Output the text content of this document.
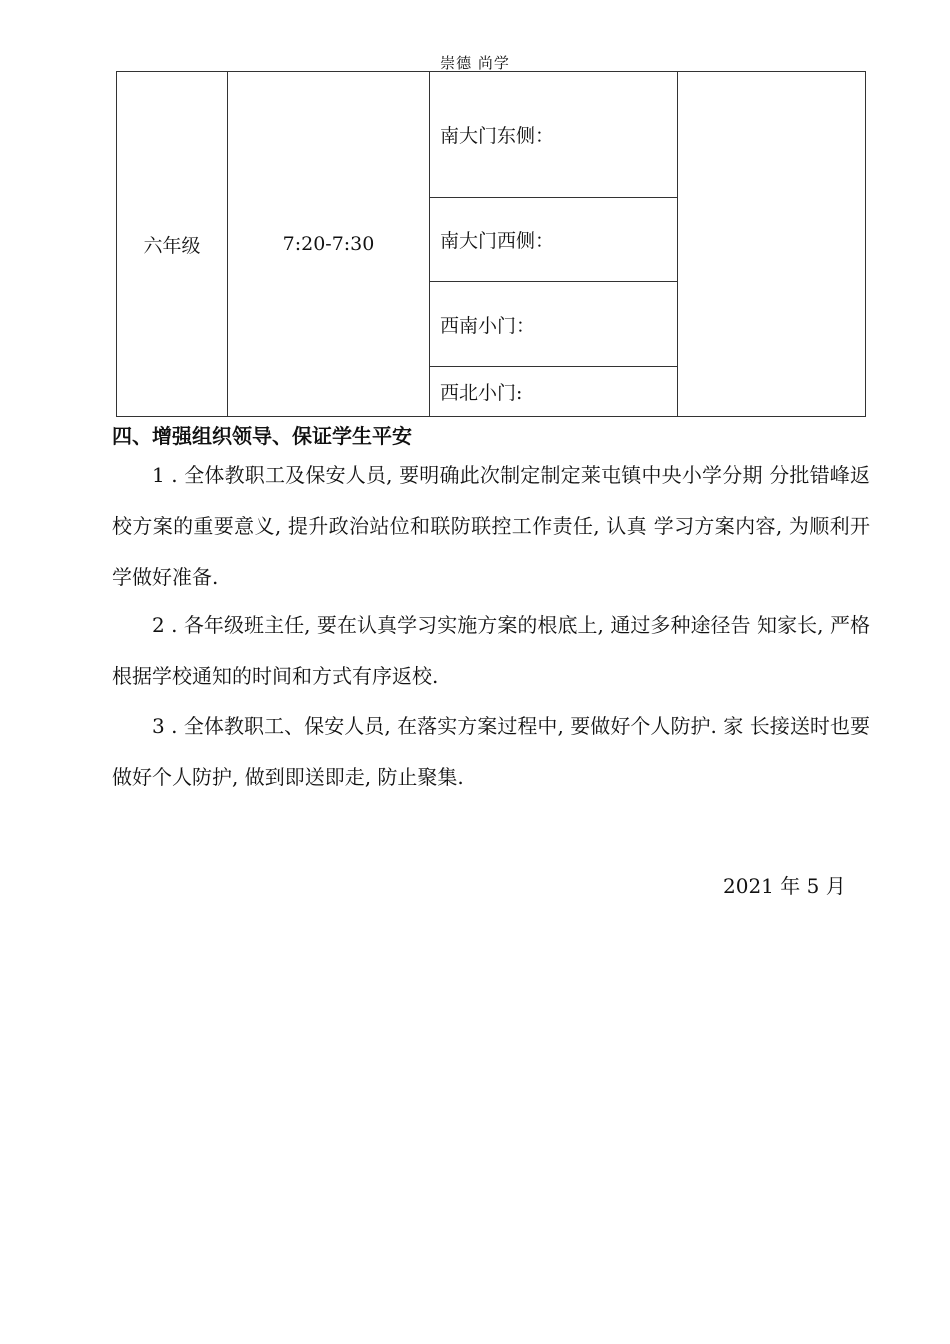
崇德 尚学
六年级	7:20-7:30	南大门东侧：	
南大门西侧：
西南小门：
西北小门:
四、增强组织领导、保证学生平安
1 . 全体教职工及保安人员, 要明确此次制定制定莱屯镇中央小学分期 分批错峰返校方案的重要意义, 提升政治站位和联防联控工作责任, 认真 学习方案内容, 为顺利开学做好准备.
2 . 各年级班主任, 要在认真学习实施方案的根底上, 通过多种途径告 知家长, 严格根据学校通知的时间和方式有序返校.
3 . 全体教职工、保安人员, 在落实方案过程中, 要做好个人防护. 家 长接送时也要做好个人防护, 做到即送即走, 防止聚集.
2021 年 5 月
